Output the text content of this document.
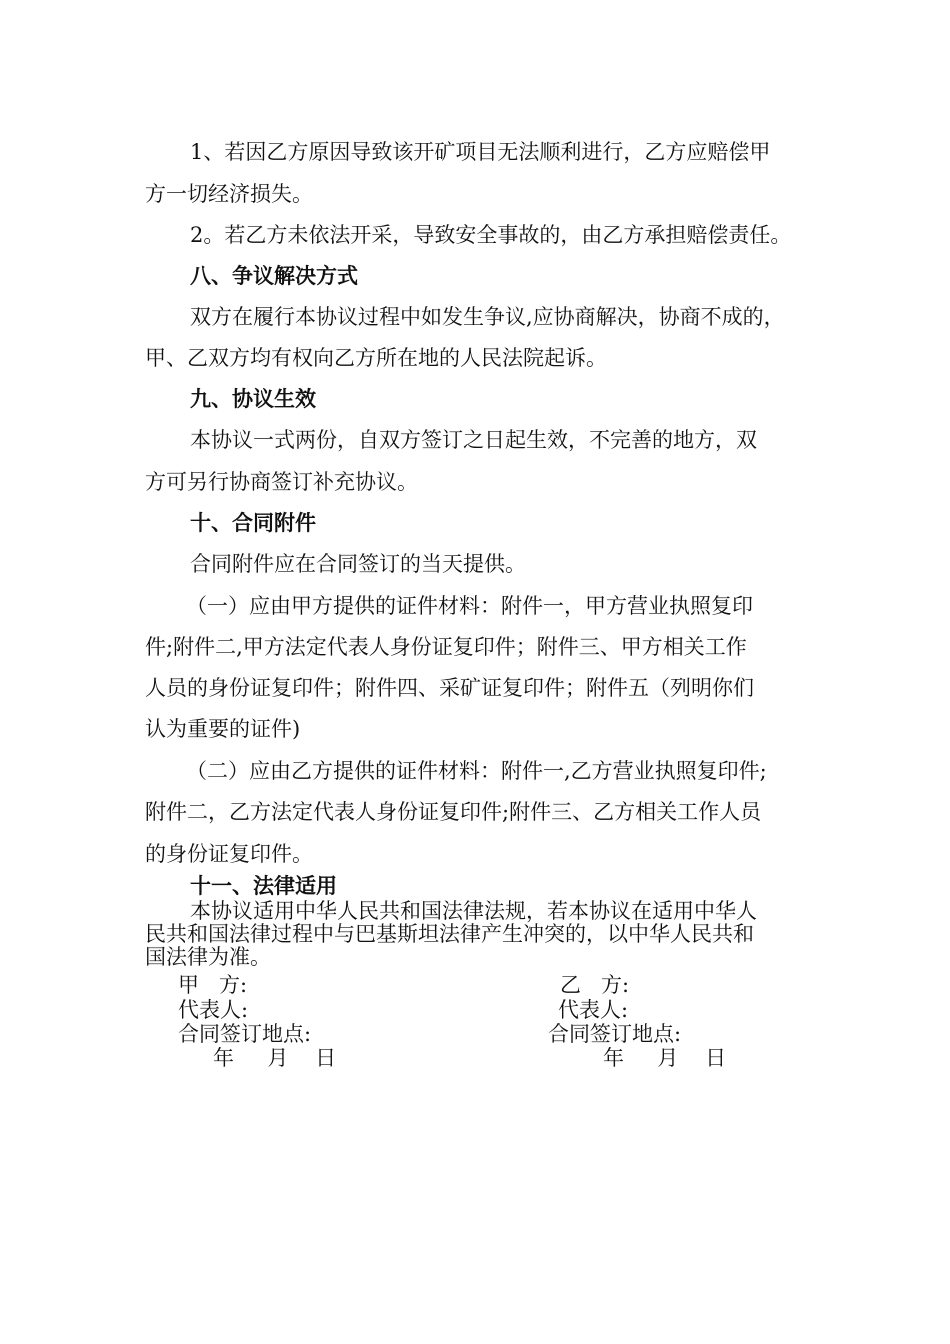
1、若因乙方原因导致该开矿项目无法顺利进行，乙方应赔偿甲
方一切经济损失。
2。若乙方未依法开采，导致安全事故的，由乙方承担赔偿责任。
八、争议解决方式
双方在履行本协议过程中如发生争议,应协商解决，协商不成的，
甲、乙双方均有权向乙方所在地的人民法院起诉。
九、协议生效
本协议一式两份，自双方签订之日起生效，不完善的地方，双
方可另行协商签订补充协议。
十、合同附件
合同附件应在合同签订的当天提供。
（一）应由甲方提供的证件材料：附件一，甲方营业执照复印
件;附件二,甲方法定代表人身份证复印件；附件三、甲方相关工作
人员的身份证复印件；附件四、采矿证复印件；附件五（列明你们
认为重要的证件)
（二）应由乙方提供的证件材料：附件一,乙方营业执照复印件;
附件二，乙方法定代表人身份证复印件;附件三、乙方相关工作人员
的身份证复印件。
十一、法律适用
本协议适用中华人民共和国法律法规，若本协议在适用中华人
民共和国法律过程中与巴基斯坦法律产生冲突的，以中华人民共和
国法律为准。
甲   方:	乙   方:
代表人:	代表人:
合同签订地点:	合同签订地点:
年     月    日	年     月    日
